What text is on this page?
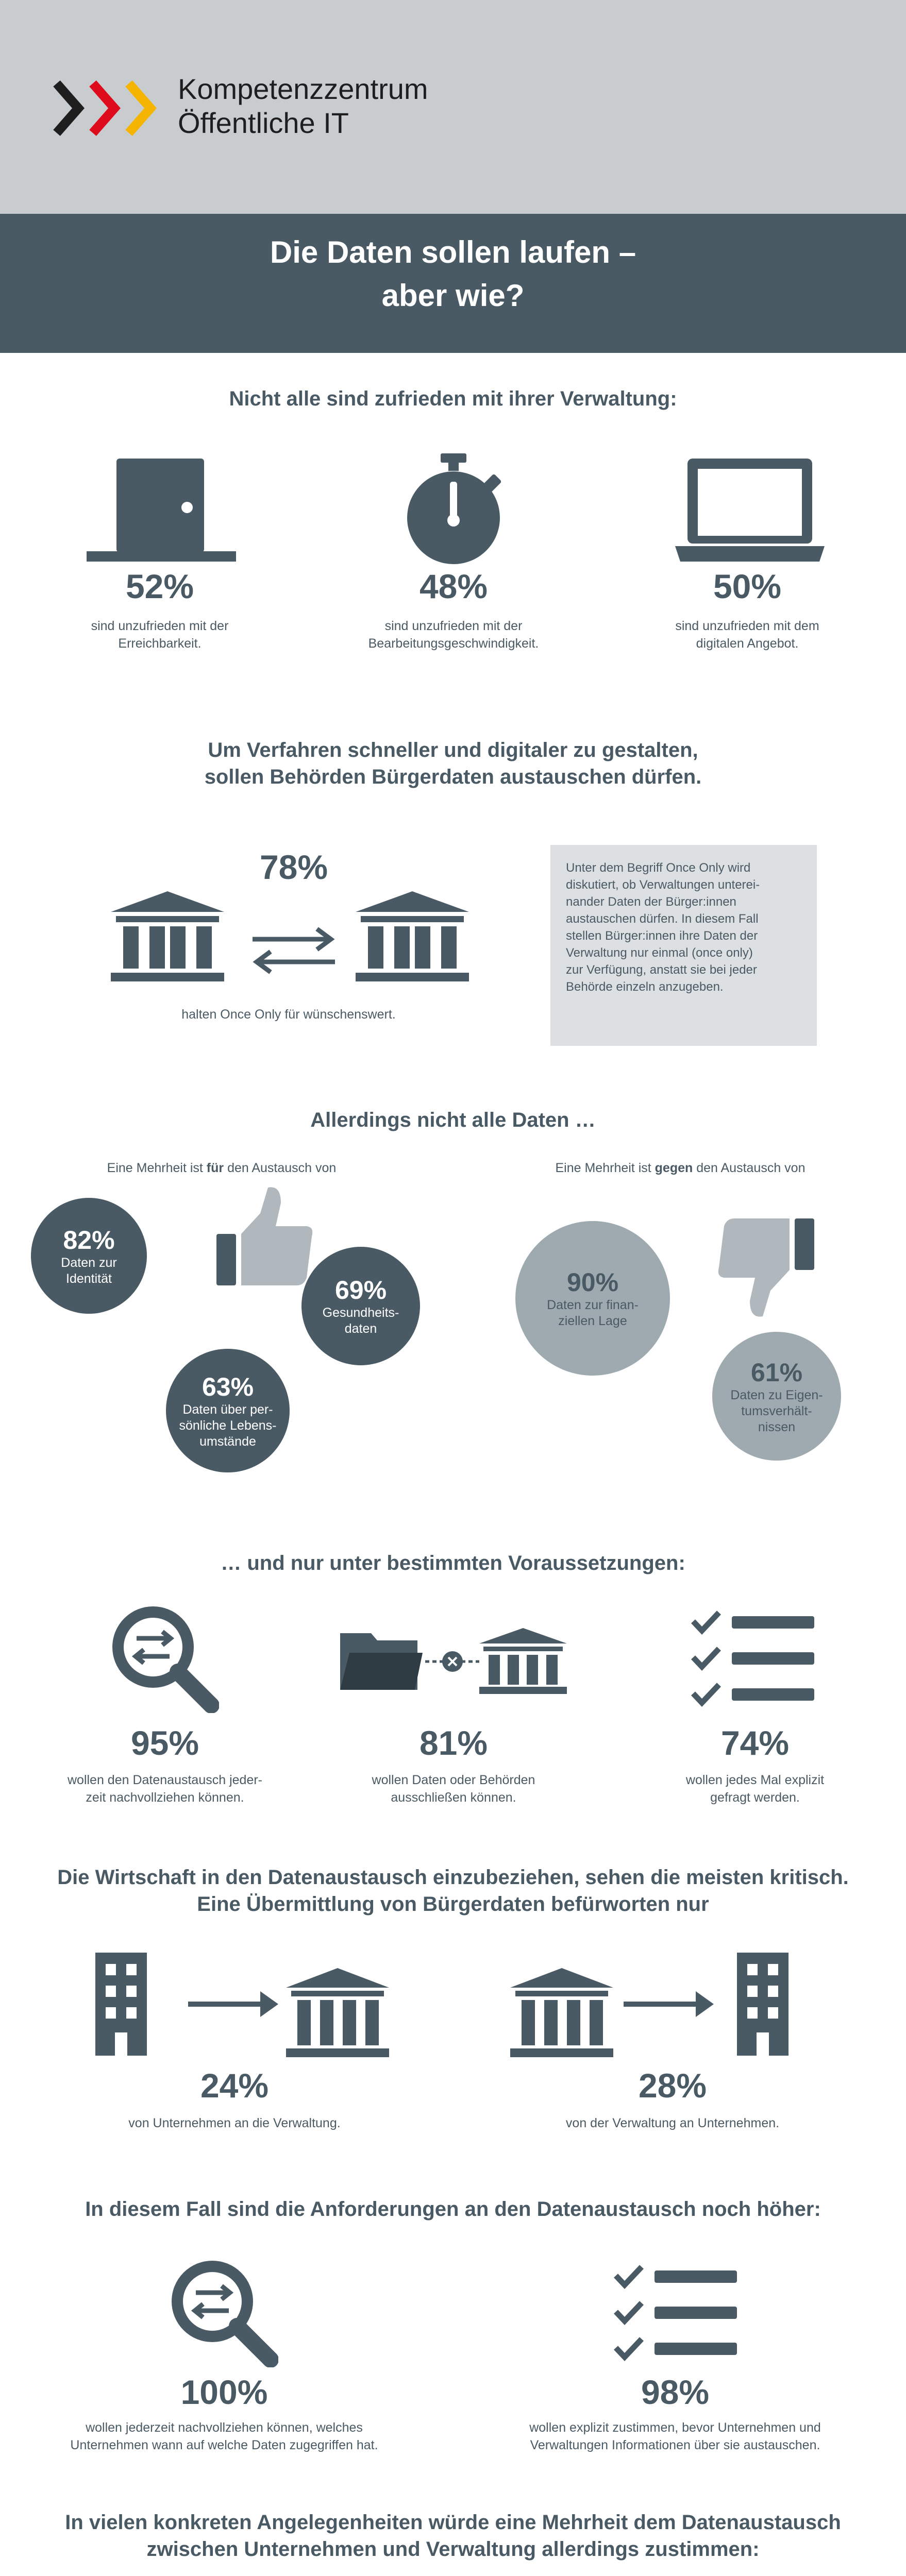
Kompetenzzentrum
Öffentliche IT
Die Daten sollen laufen –
aber wie?
Nicht alle sind zufrieden mit ihrer Verwaltung:
52%	48%	50%
sind unzufrieden mit der
Erreichbarkeit.
sind unzufrieden mit der
Bearbeitungsgeschwindigkeit.
sind unzufrieden mit dem
digitalen Angebot.
Um Verfahren schneller und digitaler zu gestalten,
sollen Behörden Bürgerdaten austauschen dürfen.
78%
halten Once Only für wünschenswert.

Unter dem Begriff Once Only wird

diskutiert, ob Verwaltungen unterei-

nander Daten der Bürger:innen

austauschen dürfen. In diesem Fall

stellen Bürger:innen ihre Daten der

Verwaltung nur einmal (once only)

zur Verfügung, anstatt sie bei jeder

Behörde einzeln anzugeben.

Allerdings nicht alle Daten …
Eine Mehrheit ist für den Austausch von	Eine Mehrheit ist gegen den Austausch von
82%
Daten zur
Identität	69%
Gesundheits-
daten
63%
Daten über per-
sönliche Lebens-
umstände
90%
Daten zur finan-
ziellen Lage
61%
Daten zu Eigen-
tumsverhält-
nissen
… und nur unter bestimmten Voraussetzungen:
95%	81%	74%
wollen den Datenaustausch jeder-
zeit nachvollziehen können.
wollen Daten oder Behörden
ausschließen können.
wollen jedes Mal explizit
gefragt werden.
Die Wirtschaft in den Datenaustausch einzubeziehen, sehen die meisten kritisch.
Eine Übermittlung von Bürgerdaten befürworten nur
24%	28%
von Unternehmen an die Verwaltung.	von der Verwaltung an Unternehmen.
In diesem Fall sind die Anforderungen an den Datenaustausch noch höher:
100%	98%
wollen jederzeit nachvollziehen können, welches
Unternehmen wann auf welche Daten zugegriffen hat.
wollen explizit zustimmen, bevor Unternehmen und
Verwaltungen Informationen über sie austauschen.
In vielen konkreten Angelegenheiten würde eine Mehrheit dem Datenaustausch
zwischen Unternehmen und Verwaltung allerdings zustimmen:
